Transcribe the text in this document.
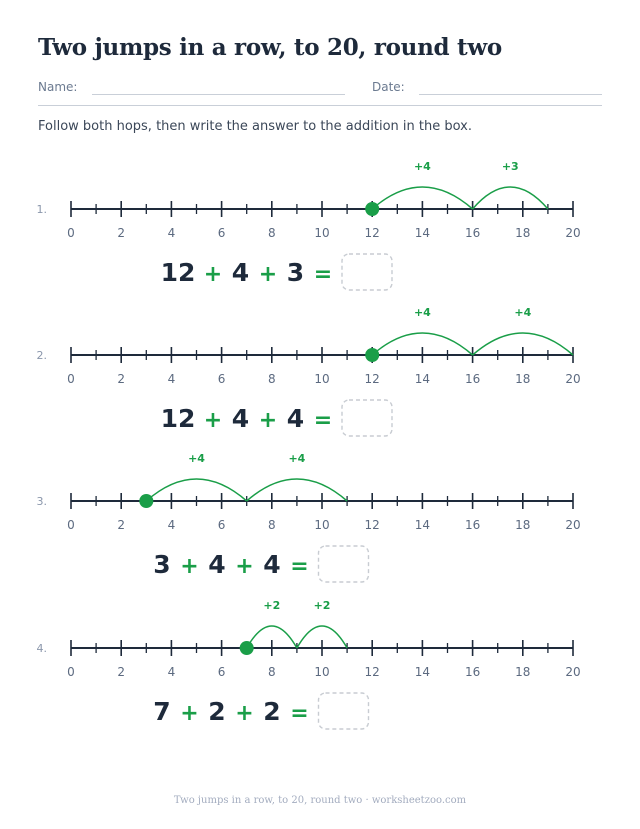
Two jumps in a row, to 20, round two
Name:	Date:
Follow both hops, then write the answer to the addition in the box.
1.
0	2	4	6	8	10	12	14	16	18	20
+4	+3
12 + 4 + 3 =
2.
0	2	4	6	8	10	12	14	16	18	20
+4	+4
12 + 4 + 4 =
3.
0	2	4	6	8	10	12	14	16	18	20
+4	+4
3 + 4 + 4 =
4.
0	2	4	6	8	10	12	14	16	18	20
+2	+2
7 + 2 + 2 =
Two jumps in a row, to 20, round two · worksheetzoo.com
